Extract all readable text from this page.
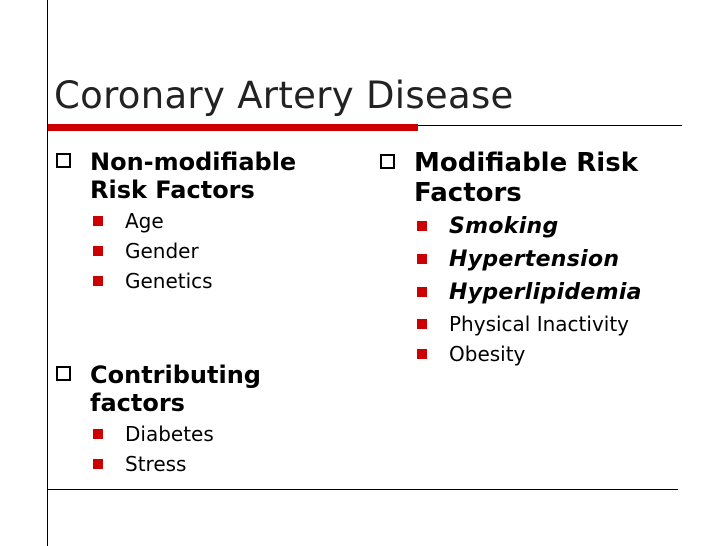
Coronary Artery Disease
Non-modifiable
Risk Factors
Age
Gender
Genetics
Contributing
factors
Diabetes
Stress
Modifiable Risk
Factors
Smoking
Hypertension
Hyperlipidemia
Physical Inactivity
Obesity
